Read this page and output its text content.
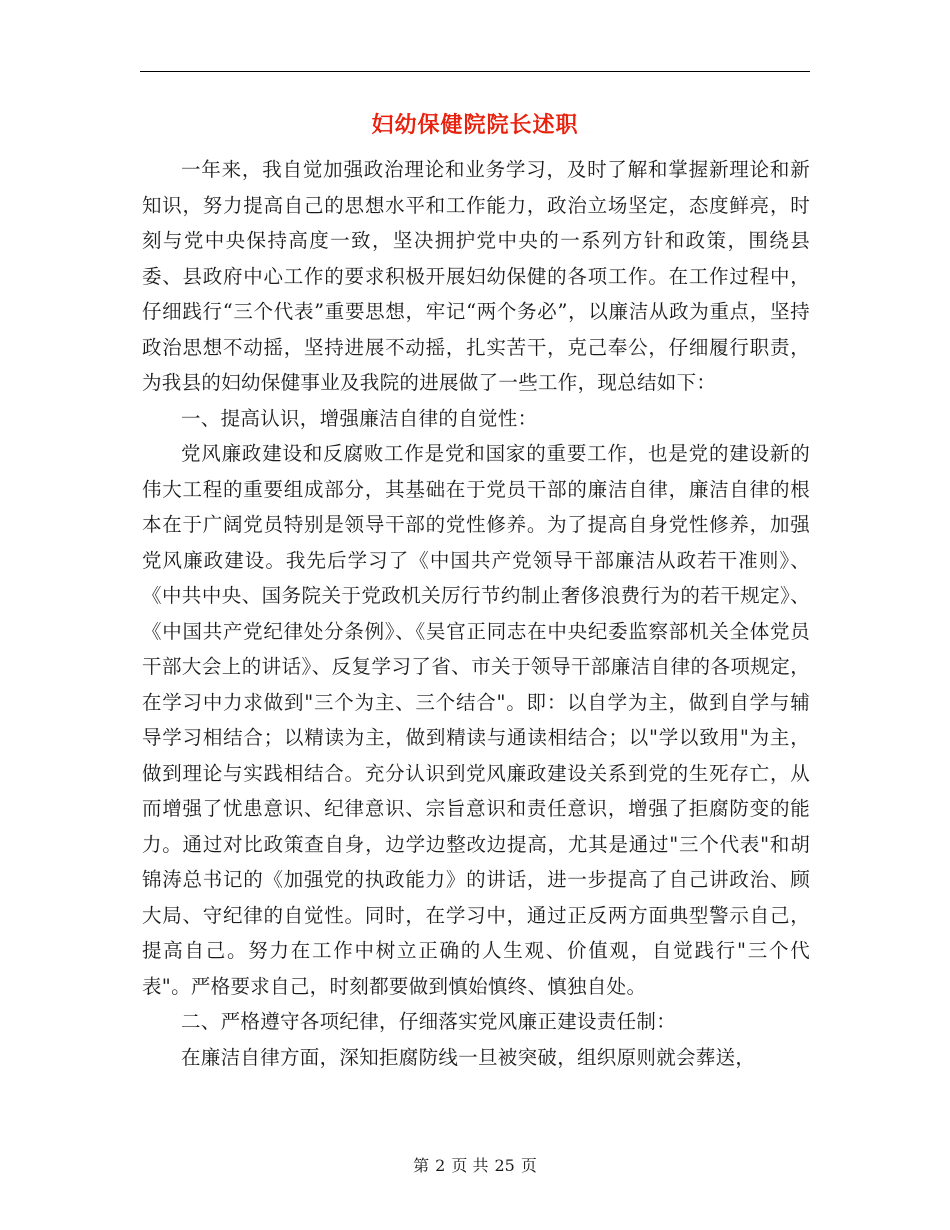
妇幼保健院院长述职

一年来，我自觉加强政治理论和业务学习，及时了解和掌握新理论和新知识，努力提高自己的思想水平和工作能力，政治立场坚定，态度鲜亮，时刻与党中央保持高度一致，坚决拥护党中央的一系列方针和政策，围绕县委、县政府中心工作的要求积极开展妇幼保健的各项工作。在工作过程中，仔细践行“三个代表”重要思想，牢记“两个务必”，以廉洁从政为重点，坚持政治思想不动摇，坚持进展不动摇，扎实苦干，克己奉公，仔细履行职责，为我县的妇幼保健事业及我院的进展做了一些工作，现总结如下：

一、提高认识，增强廉洁自律的自觉性：

党风廉政建设和反腐败工作是党和国家的重要工作，也是党的建设新的伟大工程的重要组成部分，其基础在于党员干部的廉洁自律，廉洁自律的根本在于广阔党员特别是领导干部的党性修养。为了提高自身党性修养，加强党风廉政建设。我先后学习了《中国共产党领导干部廉洁从政若干准则》、《中共中央、国务院关于党政机关厉行节约制止奢侈浪费行为的若干规定》、《中国共产党纪律处分条例》、《吴官正同志在中央纪委监察部机关全体党员干部大会上的讲话》、反复学习了省、市关于领导干部廉洁自律的各项规定，在学习中力求做到"三个为主、三个结合"。即：以自学为主，做到自学与辅导学习相结合；以精读为主，做到精读与通读相结合；以"学以致用"为主，做到理论与实践相结合。充分认识到党风廉政建设关系到党的生死存亡，从而增强了忧患意识、纪律意识、宗旨意识和责任意识，增强了拒腐防变的能力。通过对比政策查自身，边学边整改边提高，尤其是通过"三个代表"和胡锦涛总书记的《加强党的执政能力》的讲话，进一步提高了自己讲政治、顾大局、守纪律的自觉性。同时，在学习中，通过正反两方面典型警示自己，提高自己。努力在工作中树立正确的人生观、价值观，自觉践行"三个代表"。严格要求自己，时刻都要做到慎始慎终、慎独自处。

二、严格遵守各项纪律，仔细落实党风廉正建设责任制：

在廉洁自律方面，深知拒腐防线一旦被突破，组织原则就会葬送，

第 2 页 共 25 页
